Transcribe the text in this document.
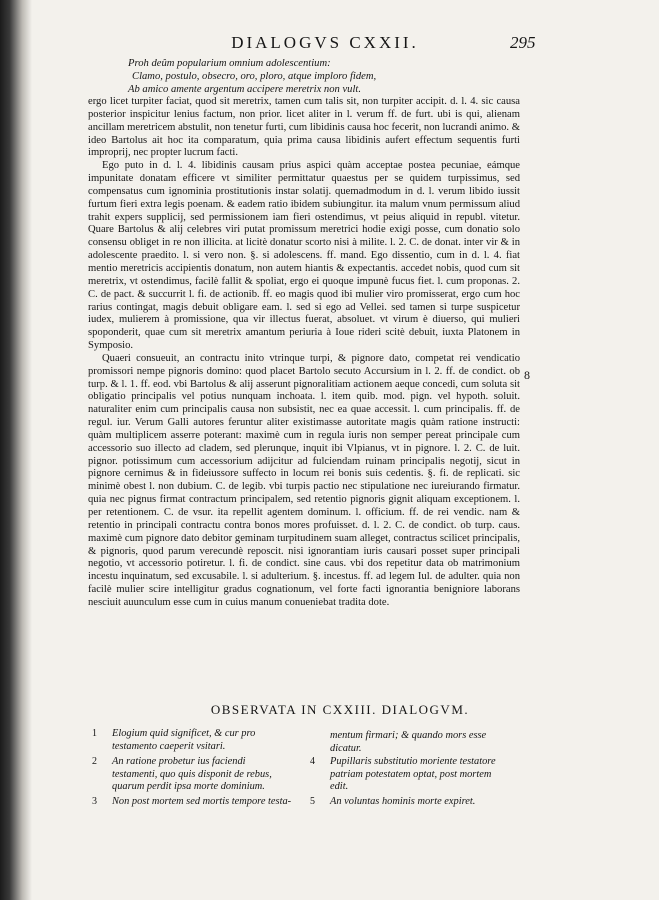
DIALOGVS CXXII.	295
Proh deûm popularium omnium adolescentium:
Clamo, postulo, obsecro, oro, ploro, atque imploro fidem,
Ab amico amente argentum accipere meretrix non vult.

ergo licet turpiter faciat, quod sit meretrix, tamen cum talis sit, non turpiter accipit. d. l. 4. sic causa posterior inspicitur lenius factum, non prior. licet aliter in l. verum ff. de furt. ubi is qui, alienam ancillam meretricem abstulit, non tenetur furti, cum libidinis causa hoc fecerit, non lucrandi animo. & ideo Bartolus ait hoc ita comparatum, quia prima causa libidinis aufert effectum sequentis furti improprij, nec propter lucrum facti.

Ego puto in d. l. 4. libidinis causam prius aspici quàm acceptae postea pecuniae, eámque impunitate donatam efficere vt similiter permittatur quaestus per se quidem turpissimus, sed compensatus cum ignominia prostitutionis instar solatij. quemadmodum in d. l. verum libido iussit furtum fieri extra legis poenam. & eadem ratio ibidem subiungitur. ita malum vnum permissum aliud trahit expers supplicij, sed permissionem iam fieri ostendimus, vt peius aliquid in republ. vitetur. Quare Bartolus & alij celebres viri putat promissum meretrici hodie exigi posse, cum donatio solo consensu obliget in re non illicita. at licitè donatur scorto nisi à milite. l. 2. C. de donat. inter vir & in adolescente praedito. l. si vero non. §. si adolescens. ff. mand. Ego dissentio, cum in d. l. 4. fiat mentio meretricis accipientis donatum, non autem hiantis & expectantis. accedet nobis, quod cum sit meretrix, vt ostendimus, facilè fallit & spoliat, ergo ei quoque impunè fucus fiet. l. cum proponas. 2. C. de pact. & succurrit l. fi. de actionib. ff. eo magis quod ibi mulier viro promisserat, ergo cum hoc rarius contingat, magis debuit obligare eam. l. sed si ego ad Vellei. sed tamen si turpe suspicetur iudex, mulierem à promissione, qua vir illectus fuerat, absoluet. vt virum è diuerso, qui mulieri spoponderit, quae cum sit meretrix amantum periuria à Ioue rideri scitè debuit, iuxta Platonem in Symposio.

Quaeri consueuit, an contractu inito vtrinque turpi, & pignore dato, competat rei vendicatio promissori nempe pignoris domino: quod placet Bartolo secuto Accursium in l. 2. ff. de condict. ob turp. & l. 1. ff. eod. vbi Bartolus & alij asserunt pignoralitiam actionem aeque concedi, cum soluta sit obligatio principalis vel potius nunquam inchoata. l. item quib. mod. pign. vel hypoth. soluit. naturaliter enim cum principalis causa non subsistit, nec ea quae accessit. l. cum principalis. ff. de regul. iur. Verum Galli autores feruntur aliter existimasse autoritate magis quàm ratione instructi: quàm multiplicem asserre poterant: maximè cum in regula iuris non semper pereat principale cum accessorio suo illecto ad cladem, sed plerunque, inquit ibi Vlpianus, vt in pignore. l. 2. C. de luit. pignor. potissimum cum accessorium adijcitur ad fulciendam ruinam principalis negotij, sicut in pignore cernimus & in fideiussore suffecto in locum rei bonis suis cedentis. §. fi. de replicati. sic minimè obest l. non dubium. C. de legib. vbi turpis pactio nec stipulatione nec iureiurando firmatur. quia nec pignus firmat contractum principalem, sed retentio pignoris gignit aliquam exceptionem. l. per retentionem. C. de vsur. ita repellit agentem dominum. l. officium. ff. de rei vendic. nam & retentio in principali contractu contra bonos mores profuisset. d. l. 2. C. de condict. ob turp. caus. maximè cum pignore dato debitor geminam turpitudinem suam alleget, contractus scilicet principalis, & pignoris, quod parum verecundè reposcit. nisi ignorantiam iuris causari posset super principali negotio, vt accessorio potiretur. l. fi. de condict. sine caus. vbi dos repetitur data ob matrimonium incestu inquinatum, sed excusabile. l. si adulterium. §. incestus. ff. ad legem Iul. de adulter. quia non facilè mulier scire intelligitur gradus cognationum, vel forte facti ignorantia benigniore laborans nesciuit auunculum esse cum in cuius manum conueniebat tradita dote.

8
OBSERVATA IN CXXIII. DIALOGVM.
1 Elogium quid significet, & cur pro testamento caeperit vsitari.
2 An ratione probetur ius faciendi testamenti, quo quis disponit de rebus, quarum perdit ipsa morte dominium.
3 Non post mortem sed mortis tempore testa-
mentum firmari; & quando mors esse dicatur.
4 Pupillaris substitutio moriente testatore patriam potestatem optat, post mortem edit.
5 An voluntas hominis morte expiret.
